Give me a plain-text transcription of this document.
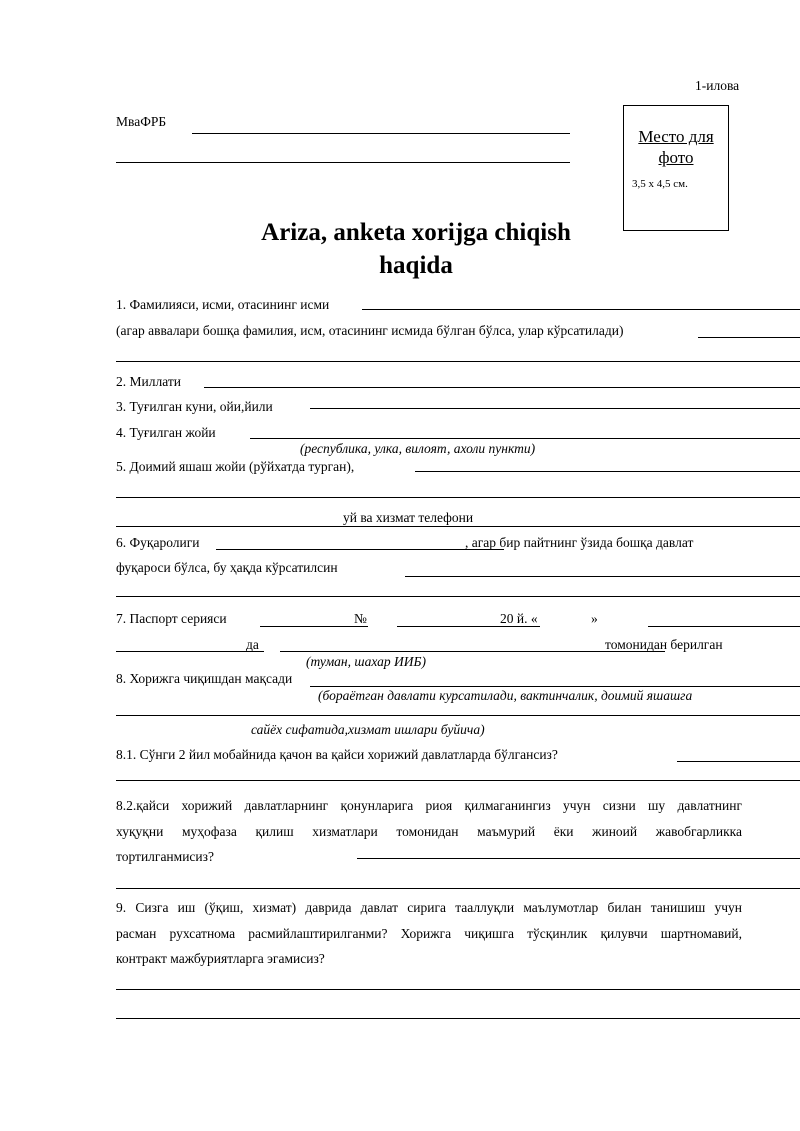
1-илова
МваФРБ
Место для
фото
3,5 х 4,5 см.
Ariza, anketa xorijga chiqish
haqida
1. Фамилияси, исми, отасининг исми
(агар аввалари бошқа фамилия, исм, отасининг исмида бўлган бўлса, улар кўрсатилади)
2. Миллати
3. Туғилган куни, ойи,йили
4. Туғилган жойи
(республика, улка, вилоят, ахоли пункти)
5. Доимий яшаш жойи (рўйхатда турган),
уй ва хизмат телефони
6. Фуқаролиги	, агар бир пайтнинг ўзида бошқа давлат
фуқароси бўлса, бу ҳақда кўрсатилсин
7. Паспорт серияси	№	20 й. «	»
да	томонидан берилган
(туман, шахар ИИБ)
8. Хорижга чиқишдан мақсади
(бораётган давлати курсатилади, вактинчалик, доимий яшашга
сайёх сифатида,хизмат ишлари буйича)
8.1. Сўнги 2 йил мобайнида қачон ва қайси хорижий давлатларда бўлгансиз?
8.2.қайси хорижий давлатларнинг қонунларига риоя қилмаганингиз учун сизни шу давлатнинг
хуқуқни муҳофаза қилиш хизматлари томонидан маъмурий ёки жиноий жавобгарликка
тортилганмисиз?
9. Сизга иш (ўқиш, хизмат) даврида давлат сирига тааллуқли маълумотлар билан танишиш учун
расман рухсатнома расмийлаштирилганми? Хорижга чиқишга тўсқинлик қилувчи шартномавий,
контракт мажбуриятларга эгамисиз?
